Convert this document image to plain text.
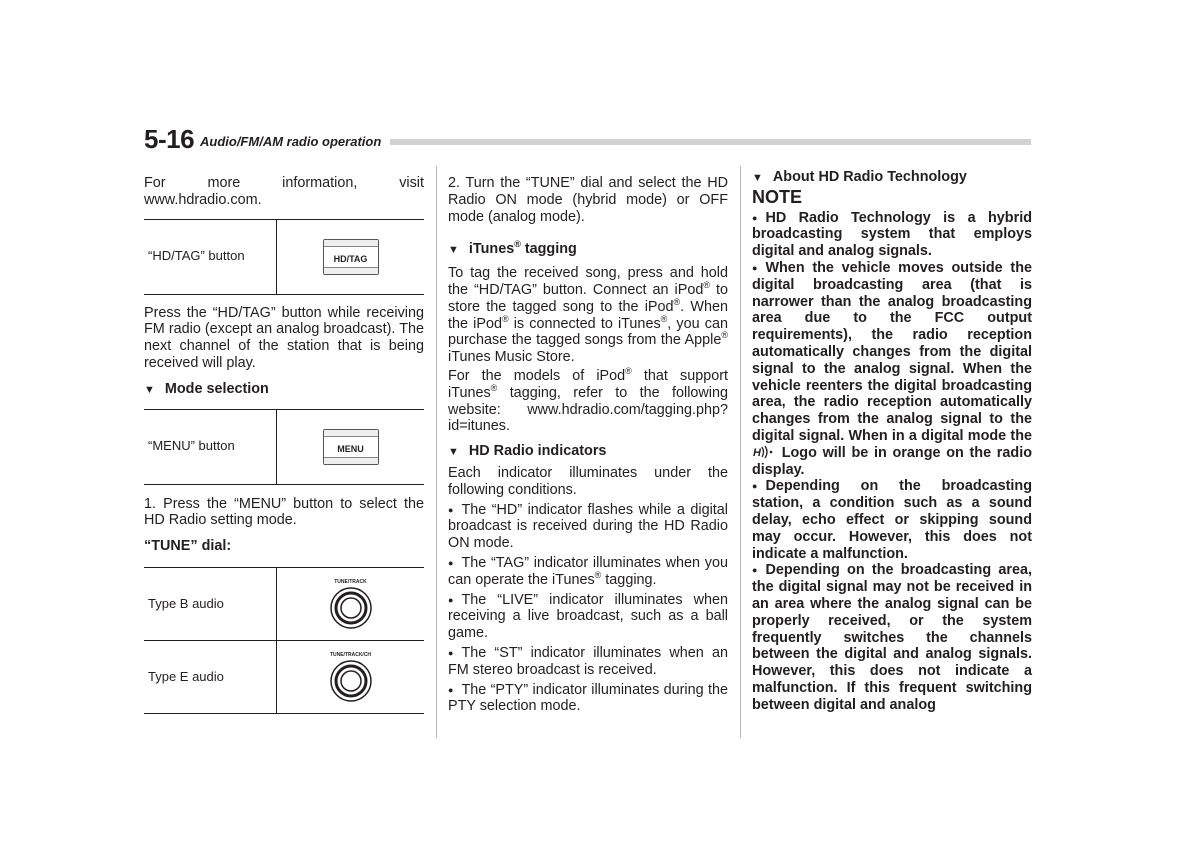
5-16 Audio/FM/AM radio operation

For more information, visit www.hdradio.com.

“HD/TAG” button	HD/TAG

Press the “HD/TAG” button while receiving FM radio (except an analog broadcast). The next channel of the station that is being received will play.

▼ Mode selection
“MENU” button	MENU

1. Press the “MENU” button to select the HD Radio setting mode.

“TUNE” dial:
Type B audio
TUNE/TRACK
Type E audio
TUNE/TRACK/CH

2. Turn the “TUNE” dial and select the HD Radio ON mode (hybrid mode) or OFF mode (analog mode).

▼ iTunes® tagging

To tag the received song, press and hold the “HD/TAG” button. Connect an iPod® to store the tagged song to the iPod®. When the iPod® is connected to iTunes®, you can purchase the tagged songs from the Apple® iTunes Music Store.

For the models of iPod® that support iTunes® tagging, refer to the following website: www.hdradio.com/tagging.php?id=itunes.

▼ HD Radio indicators

Each indicator illuminates under the following conditions.

● The “HD” indicator flashes while a digital broadcast is received during the HD Radio ON mode.

● The “TAG” indicator illuminates when you can operate the iTunes® tagging.

● The “LIVE” indicator illuminates when receiving a live broadcast, such as a ball game.

● The “ST” indicator illuminates when an FM stereo broadcast is received.

● The “PTY” indicator illuminates during the PTY selection mode.

▼ About HD Radio Technology
NOTE

● HD Radio Technology is a hybrid broadcasting system that employs digital and analog signals.

● When the vehicle moves outside the digital broadcasting area (that is narrower than the analog broadcasting area due to the FCC output requirements), the radio reception automatically changes from the digital signal to the analog signal. When the vehicle reenters the digital broadcasting area, the radio reception automatically changes from the analog signal to the digital signal. When in a digital mode the
H Logo will be in orange on the radio display.

● Depending on the broadcasting station, a condition such as a sound delay, echo effect or skipping sound may occur. However, this does not indicate a malfunction.

● Depending on the broadcasting area, the digital signal may not be received in an area where the analog signal can be properly received, or the system frequently switches the channels between the digital and analog signals. However, this does not indicate a malfunction. If this frequent switching between digital and analog
